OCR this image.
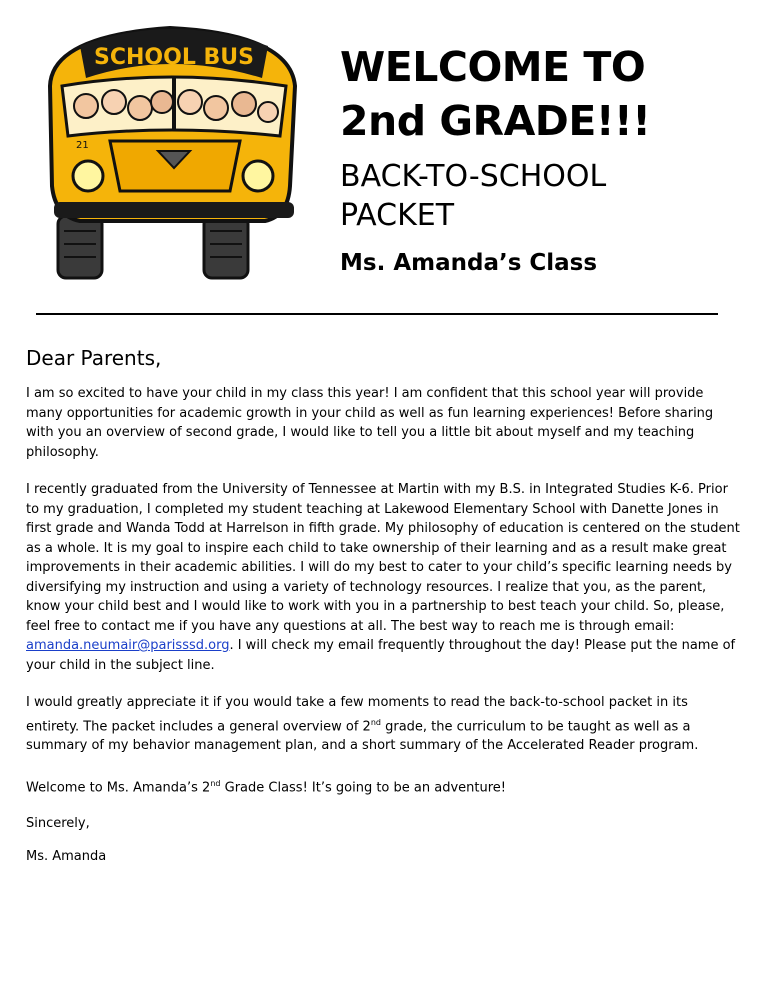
SCHOOL BUS
21
WELCOME TO
2nd GRADE!!!
BACK-TO-SCHOOL
PACKET
Ms. Amanda’s Class
Dear Parents,

I am so excited to have your child in my class this year! I am confident that this school year will provide many opportunities for academic growth in your child as well as fun learning experiences! Before sharing with you an overview of second grade, I would like to tell you a little bit about myself and my teaching philosophy.

I recently graduated from the University of Tennessee at Martin with my B.S. in Integrated Studies K-6. Prior to my graduation, I completed my student teaching at Lakewood Elementary School with Danette Jones in first grade and Wanda Todd at Harrelson in fifth grade. My philosophy of education is centered on the student as a whole. It is my goal to inspire each child to take ownership of their learning and as a result make great improvements in their academic abilities. I will do my best to cater to your child’s specific learning needs by diversifying my instruction and using a variety of technology resources. I realize that you, as the parent, know your child best and I would like to work with you in a partnership to best teach your child. So, please, feel free to contact me if you have any questions at all. The best way to reach me is through email: amanda.neumair@parisssd.org. I will check my email frequently throughout the day! Please put the name of your child in the subject line.

I would greatly appreciate it if you would take a few moments to read the back-to-school packet in its entirety. The packet includes a general overview of 2nd grade, the curriculum to be taught as well as a summary of my behavior management plan, and a short summary of the Accelerated Reader program.

Welcome to Ms. Amanda’s 2nd Grade Class! It’s going to be an adventure!

Sincerely,

Ms. Amanda
